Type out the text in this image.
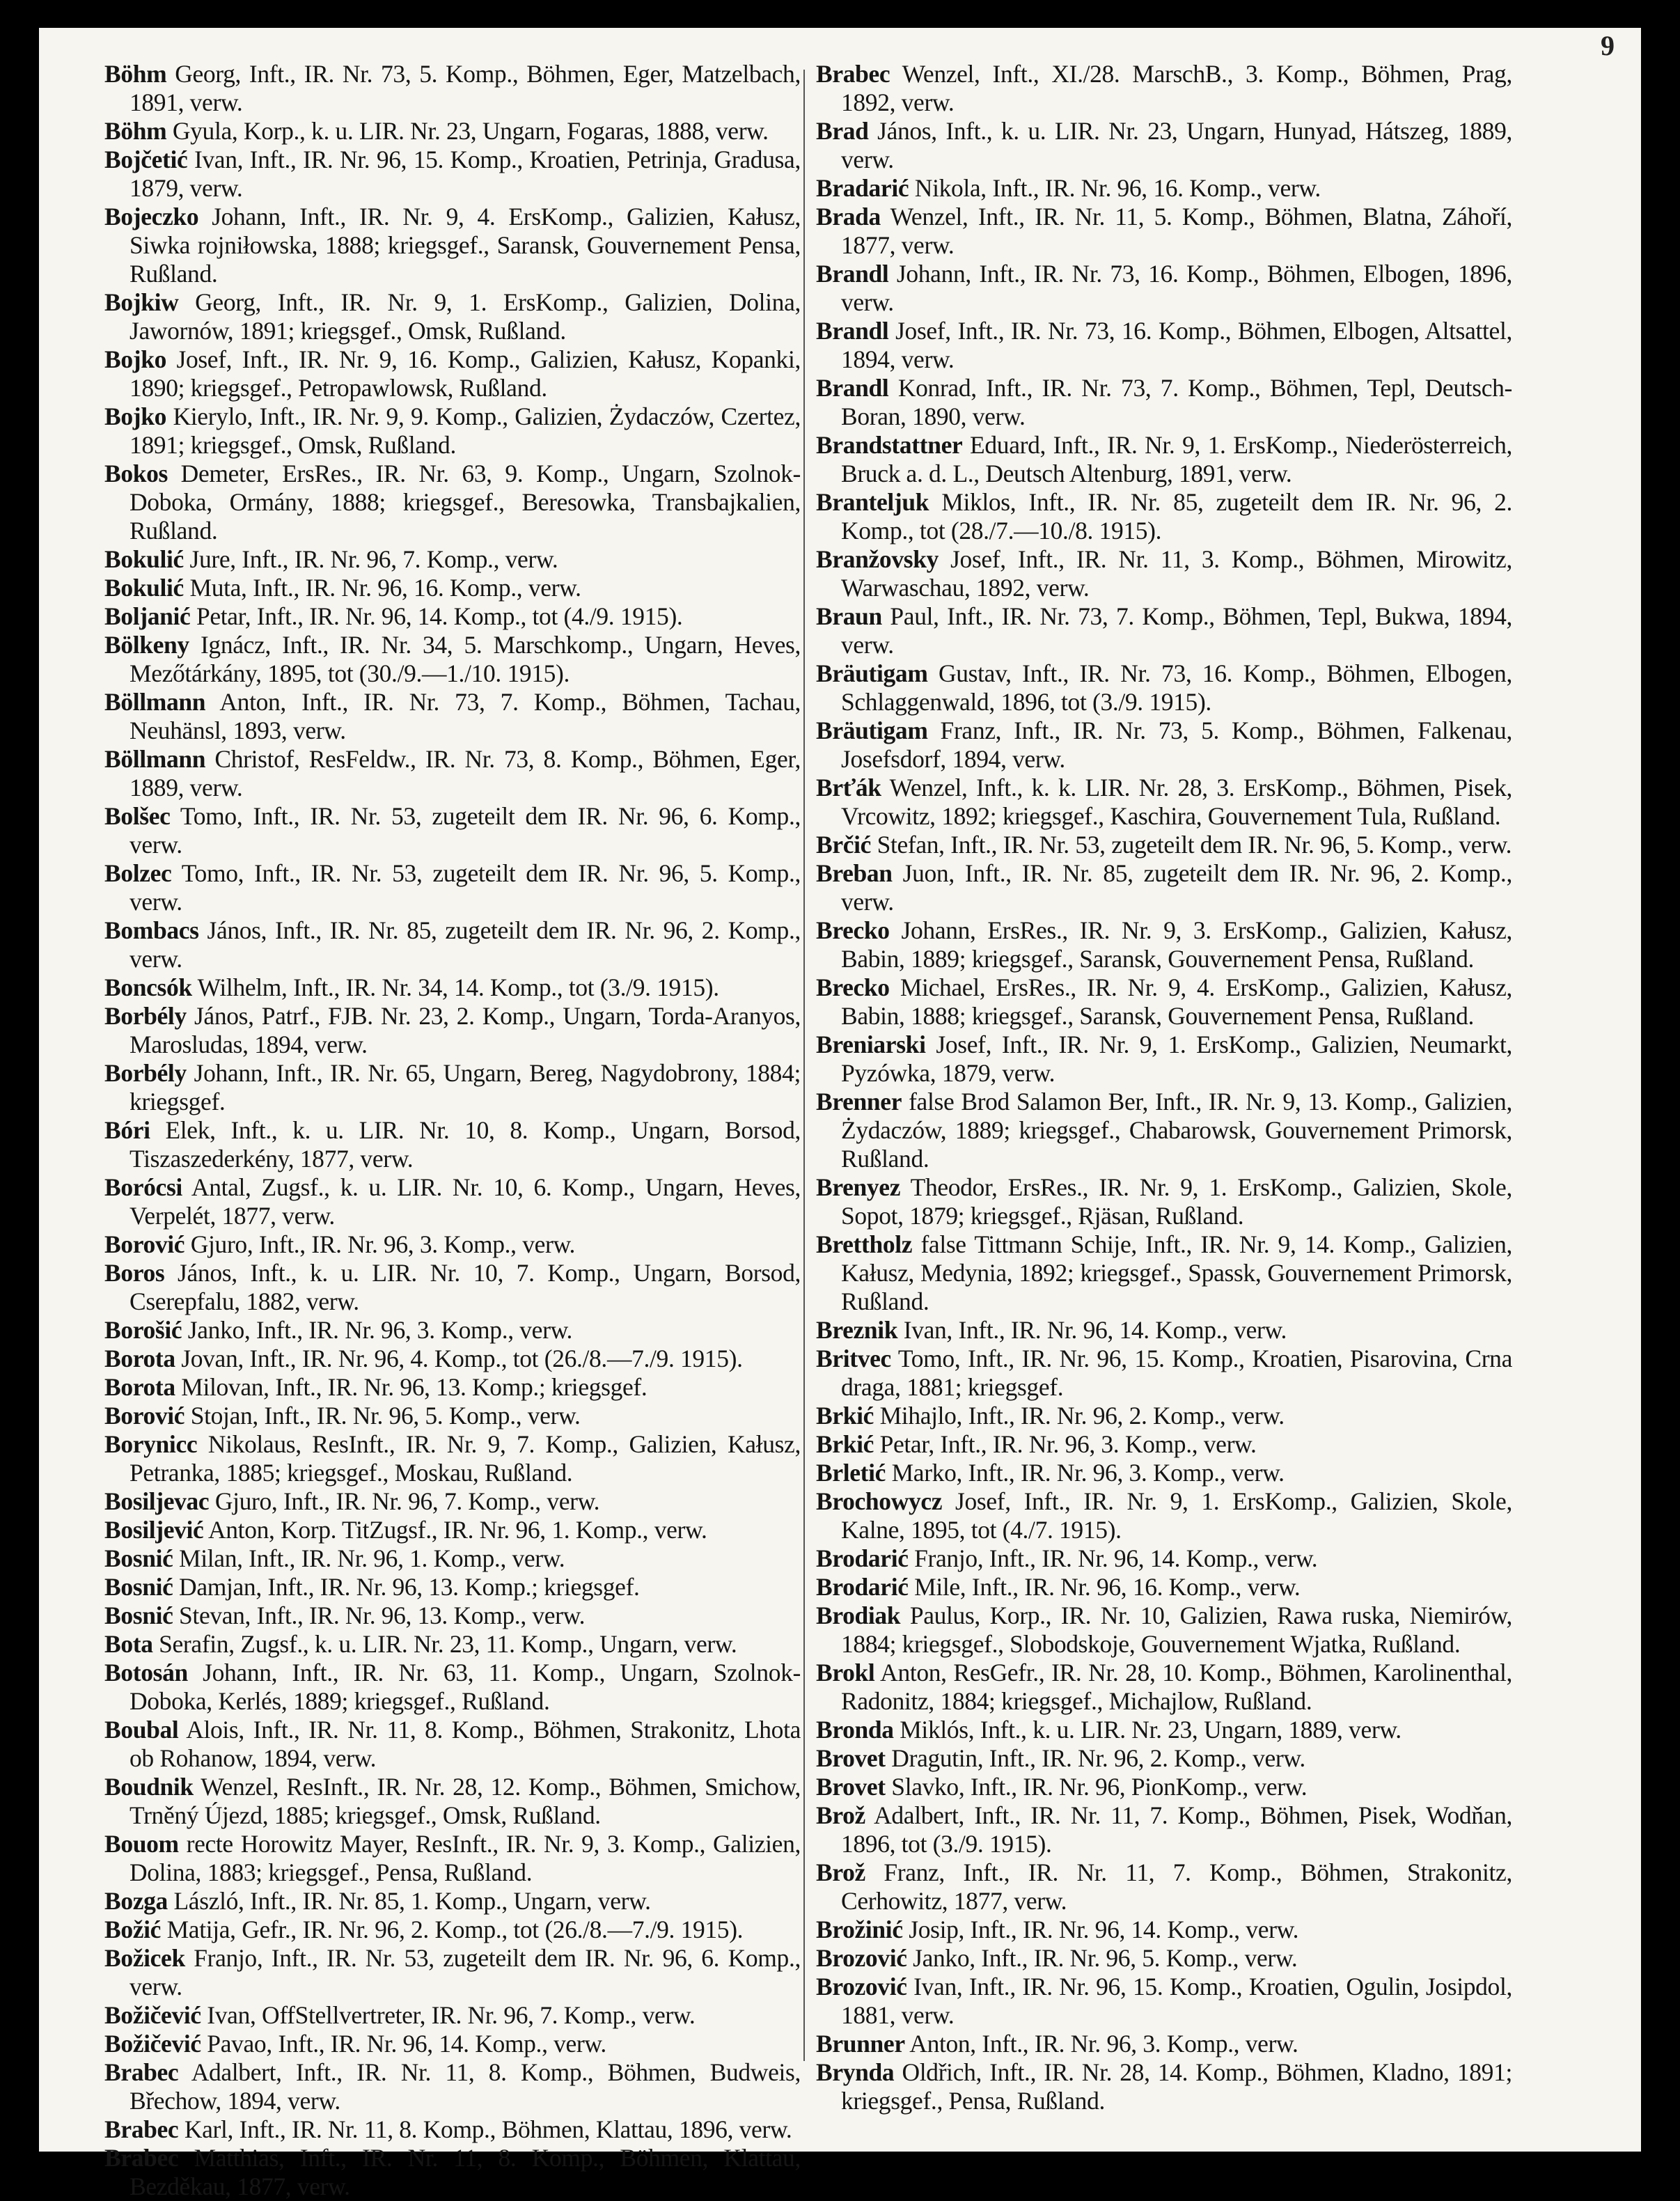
9
Böhm Georg, Inft., IR. Nr. 73, 5. Komp., Böhmen, Eger, Matzelbach, 1891, verw.
Böhm Gyula, Korp., k. u. LIR. Nr. 23, Ungarn, Fogaras, 1888, verw.
Bojčetić Ivan, Inft., IR. Nr. 96, 15. Komp., Kroatien, Petrinja, Gradusa, 1879, verw.
Bojeczko Johann, Inft., IR. Nr. 9, 4. ErsKomp., Galizien, Kałusz, Siwka rojniłowska, 1888; kriegsgef., Saransk, Gouvernement Pensa, Rußland.
Bojkiw Georg, Inft., IR. Nr. 9, 1. ErsKomp., Galizien, Dolina, Jawornów, 1891; kriegsgef., Omsk, Rußland.
Bojko Josef, Inft., IR. Nr. 9, 16. Komp., Galizien, Kałusz, Kopanki, 1890; kriegsgef., Petropawlowsk, Rußland.
Bojko Kierylo, Inft., IR. Nr. 9, 9. Komp., Galizien, Żydaczów, Czertez, 1891; kriegsgef., Omsk, Rußland.
Bokos Demeter, ErsRes., IR. Nr. 63, 9. Komp., Ungarn, Szolnok-Doboka, Ormány, 1888; kriegsgef., Beresowka, Transbajkalien, Rußland.
Bokulić Jure, Inft., IR. Nr. 96, 7. Komp., verw.
Bokulić Muta, Inft., IR. Nr. 96, 16. Komp., verw.
Boljanić Petar, Inft., IR. Nr. 96, 14. Komp., tot (4./9. 1915).
Bölkeny Ignácz, Inft., IR. Nr. 34, 5. Marschkomp., Ungarn, Heves, Mezőtárkány, 1895, tot (30./9.—1./10. 1915).
Böllmann Anton, Inft., IR. Nr. 73, 7. Komp., Böhmen, Tachau, Neuhänsl, 1893, verw.
Böllmann Christof, ResFeldw., IR. Nr. 73, 8. Komp., Böhmen, Eger, 1889, verw.
Bolšec Tomo, Inft., IR. Nr. 53, zugeteilt dem IR. Nr. 96, 6. Komp., verw.
Bolzec Tomo, Inft., IR. Nr. 53, zugeteilt dem IR. Nr. 96, 5. Komp., verw.
Bombacs János, Inft., IR. Nr. 85, zugeteilt dem IR. Nr. 96, 2. Komp., verw.
Boncsók Wilhelm, Inft., IR. Nr. 34, 14. Komp., tot (3./9. 1915).
Borbély János, Patrf., FJB. Nr. 23, 2. Komp., Ungarn, Torda-Aranyos, Marosludas, 1894, verw.
Borbély Johann, Inft., IR. Nr. 65, Ungarn, Bereg, Nagydobrony, 1884; kriegsgef.
Bóri Elek, Inft., k. u. LIR. Nr. 10, 8. Komp., Ungarn, Borsod, Tiszaszederkény, 1877, verw.
Borócsi Antal, Zugsf., k. u. LIR. Nr. 10, 6. Komp., Ungarn, Heves, Verpelét, 1877, verw.
Borović Gjuro, Inft., IR. Nr. 96, 3. Komp., verw.
Boros János, Inft., k. u. LIR. Nr. 10, 7. Komp., Ungarn, Borsod, Cserepfalu, 1882, verw.
Borošić Janko, Inft., IR. Nr. 96, 3. Komp., verw.
Borota Jovan, Inft., IR. Nr. 96, 4. Komp., tot (26./8.—7./9. 1915).
Borota Milovan, Inft., IR. Nr. 96, 13. Komp.; kriegsgef.
Borović Stojan, Inft., IR. Nr. 96, 5. Komp., verw.
Borynicc Nikolaus, ResInft., IR. Nr. 9, 7. Komp., Galizien, Kałusz, Petranka, 1885; kriegsgef., Moskau, Rußland.
Bosiljevac Gjuro, Inft., IR. Nr. 96, 7. Komp., verw.
Bosiljević Anton, Korp. TitZugsf., IR. Nr. 96, 1. Komp., verw.
Bosnić Milan, Inft., IR. Nr. 96, 1. Komp., verw.
Bosnić Damjan, Inft., IR. Nr. 96, 13. Komp.; kriegsgef.
Bosnić Stevan, Inft., IR. Nr. 96, 13. Komp., verw.
Bota Serafin, Zugsf., k. u. LIR. Nr. 23, 11. Komp., Ungarn, verw.
Botosán Johann, Inft., IR. Nr. 63, 11. Komp., Ungarn, Szolnok-Doboka, Kerlés, 1889; kriegsgef., Rußland.
Boubal Alois, Inft., IR. Nr. 11, 8. Komp., Böhmen, Strakonitz, Lhota ob Rohanow, 1894, verw.
Boudnik Wenzel, ResInft., IR. Nr. 28, 12. Komp., Böhmen, Smichow, Trněný Újezd, 1885; kriegsgef., Omsk, Rußland.
Bouom recte Horowitz Mayer, ResInft., IR. Nr. 9, 3. Komp., Galizien, Dolina, 1883; kriegsgef., Pensa, Rußland.
Bozga László, Inft., IR. Nr. 85, 1. Komp., Ungarn, verw.
Božić Matija, Gefr., IR. Nr. 96, 2. Komp., tot (26./8.—7./9. 1915).
Božicek Franjo, Inft., IR. Nr. 53, zugeteilt dem IR. Nr. 96, 6. Komp., verw.
Božičević Ivan, OffStellvertreter, IR. Nr. 96, 7. Komp., verw.
Božičević Pavao, Inft., IR. Nr. 96, 14. Komp., verw.
Brabec Adalbert, Inft., IR. Nr. 11, 8. Komp., Böhmen, Budweis, Břechow, 1894, verw.
Brabec Karl, Inft., IR. Nr. 11, 8. Komp., Böhmen, Klattau, 1896, verw.
Brabec Matthias, Inft., IR. Nr. 11, 8. Komp., Böhmen, Klattau, Bezděkau, 1877, verw.
Brabec Wenzel, Inft., XI./28. MarschB., 3. Komp., Böhmen, Prag, 1892, verw.
Brad János, Inft., k. u. LIR. Nr. 23, Ungarn, Hunyad, Hátszeg, 1889, verw.
Bradarić Nikola, Inft., IR. Nr. 96, 16. Komp., verw.
Brada Wenzel, Inft., IR. Nr. 11, 5. Komp., Böhmen, Blatna, Záhoří, 1877, verw.
Brandl Johann, Inft., IR. Nr. 73, 16. Komp., Böhmen, Elbogen, 1896, verw.
Brandl Josef, Inft., IR. Nr. 73, 16. Komp., Böhmen, Elbogen, Altsattel, 1894, verw.
Brandl Konrad, Inft., IR. Nr. 73, 7. Komp., Böhmen, Tepl, Deutsch-Boran, 1890, verw.
Brandstattner Eduard, Inft., IR. Nr. 9, 1. ErsKomp., Niederösterreich, Bruck a. d. L., Deutsch Altenburg, 1891, verw.
Branteljuk Miklos, Inft., IR. Nr. 85, zugeteilt dem IR. Nr. 96, 2. Komp., tot (28./7.—10./8. 1915).
Branžovsky Josef, Inft., IR. Nr. 11, 3. Komp., Böhmen, Mirowitz, Warwaschau, 1892, verw.
Braun Paul, Inft., IR. Nr. 73, 7. Komp., Böhmen, Tepl, Bukwa, 1894, verw.
Bräutigam Gustav, Inft., IR. Nr. 73, 16. Komp., Böhmen, Elbogen, Schlaggenwald, 1896, tot (3./9. 1915).
Bräutigam Franz, Inft., IR. Nr. 73, 5. Komp., Böhmen, Falkenau, Josefsdorf, 1894, verw.
Brťák Wenzel, Inft., k. k. LIR. Nr. 28, 3. ErsKomp., Böhmen, Pisek, Vrcowitz, 1892; kriegsgef., Kaschira, Gouvernement Tula, Rußland.
Brčić Stefan, Inft., IR. Nr. 53, zugeteilt dem IR. Nr. 96, 5. Komp., verw.
Breban Juon, Inft., IR. Nr. 85, zugeteilt dem IR. Nr. 96, 2. Komp., verw.
Brecko Johann, ErsRes., IR. Nr. 9, 3. ErsKomp., Galizien, Kałusz, Babin, 1889; kriegsgef., Saransk, Gouvernement Pensa, Rußland.
Brecko Michael, ErsRes., IR. Nr. 9, 4. ErsKomp., Galizien, Kałusz, Babin, 1888; kriegsgef., Saransk, Gouvernement Pensa, Rußland.
Breniarski Josef, Inft., IR. Nr. 9, 1. ErsKomp., Galizien, Neumarkt, Pyzówka, 1879, verw.
Brenner false Brod Salamon Ber, Inft., IR. Nr. 9, 13. Komp., Galizien, Żydaczów, 1889; kriegsgef., Chabarowsk, Gouvernement Primorsk, Rußland.
Brenyez Theodor, ErsRes., IR. Nr. 9, 1. ErsKomp., Galizien, Skole, Sopot, 1879; kriegsgef., Rjäsan, Rußland.
Brettholz false Tittmann Schije, Inft., IR. Nr. 9, 14. Komp., Galizien, Kałusz, Medynia, 1892; kriegsgef., Spassk, Gouvernement Primorsk, Rußland.
Breznik Ivan, Inft., IR. Nr. 96, 14. Komp., verw.
Britvec Tomo, Inft., IR. Nr. 96, 15. Komp., Kroatien, Pisarovina, Crna draga, 1881; kriegsgef.
Brkić Mihajlo, Inft., IR. Nr. 96, 2. Komp., verw.
Brkić Petar, Inft., IR. Nr. 96, 3. Komp., verw.
Brletić Marko, Inft., IR. Nr. 96, 3. Komp., verw.
Brochowycz Josef, Inft., IR. Nr. 9, 1. ErsKomp., Galizien, Skole, Kalne, 1895, tot (4./7. 1915).
Brodarić Franjo, Inft., IR. Nr. 96, 14. Komp., verw.
Brodarić Mile, Inft., IR. Nr. 96, 16. Komp., verw.
Brodiak Paulus, Korp., IR. Nr. 10, Galizien, Rawa ruska, Niemirów, 1884; kriegsgef., Slobodskoje, Gouvernement Wjatka, Rußland.
Brokl Anton, ResGefr., IR. Nr. 28, 10. Komp., Böhmen, Karolinenthal, Radonitz, 1884; kriegsgef., Michajlow, Rußland.
Bronda Miklós, Inft., k. u. LIR. Nr. 23, Ungarn, 1889, verw.
Brovet Dragutin, Inft., IR. Nr. 96, 2. Komp., verw.
Brovet Slavko, Inft., IR. Nr. 96, PionKomp., verw.
Brož Adalbert, Inft., IR. Nr. 11, 7. Komp., Böhmen, Pisek, Wodňan, 1896, tot (3./9. 1915).
Brož Franz, Inft., IR. Nr. 11, 7. Komp., Böhmen, Strakonitz, Cerhowitz, 1877, verw.
Brožinić Josip, Inft., IR. Nr. 96, 14. Komp., verw.
Brozović Janko, Inft., IR. Nr. 96, 5. Komp., verw.
Brozović Ivan, Inft., IR. Nr. 96, 15. Komp., Kroatien, Ogulin, Josipdol, 1881, verw.
Brunner Anton, Inft., IR. Nr. 96, 3. Komp., verw.
Brynda Oldřich, Inft., IR. Nr. 28, 14. Komp., Böhmen, Kladno, 1891; kriegsgef., Pensa, Rußland.
